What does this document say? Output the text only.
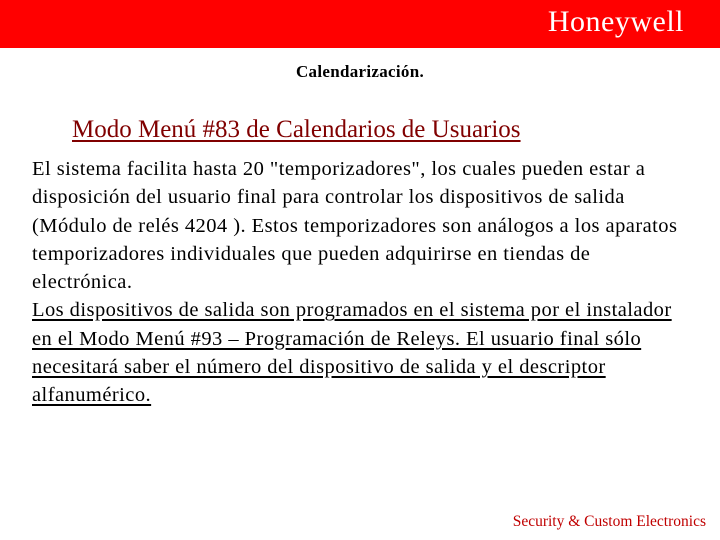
Honeywell
Calendarización.
Modo Menú #83 de Calendarios de Usuarios

El sistema facilita hasta 20 "temporizadores", los cuales pueden estar a disposición del usuario final para controlar los dispositivos de salida (Módulo de relés 4204 ). Estos temporizadores son análogos a los aparatos temporizadores individuales que pueden adquirirse en tiendas de electrónica.

Los dispositivos de salida son programados en el sistema por el instalador en el Modo Menú #93 – Programación de Releys. El usuario final sólo necesitará saber el número del dispositivo de salida y el descriptor alfanumérico.

Security & Custom Electronics
